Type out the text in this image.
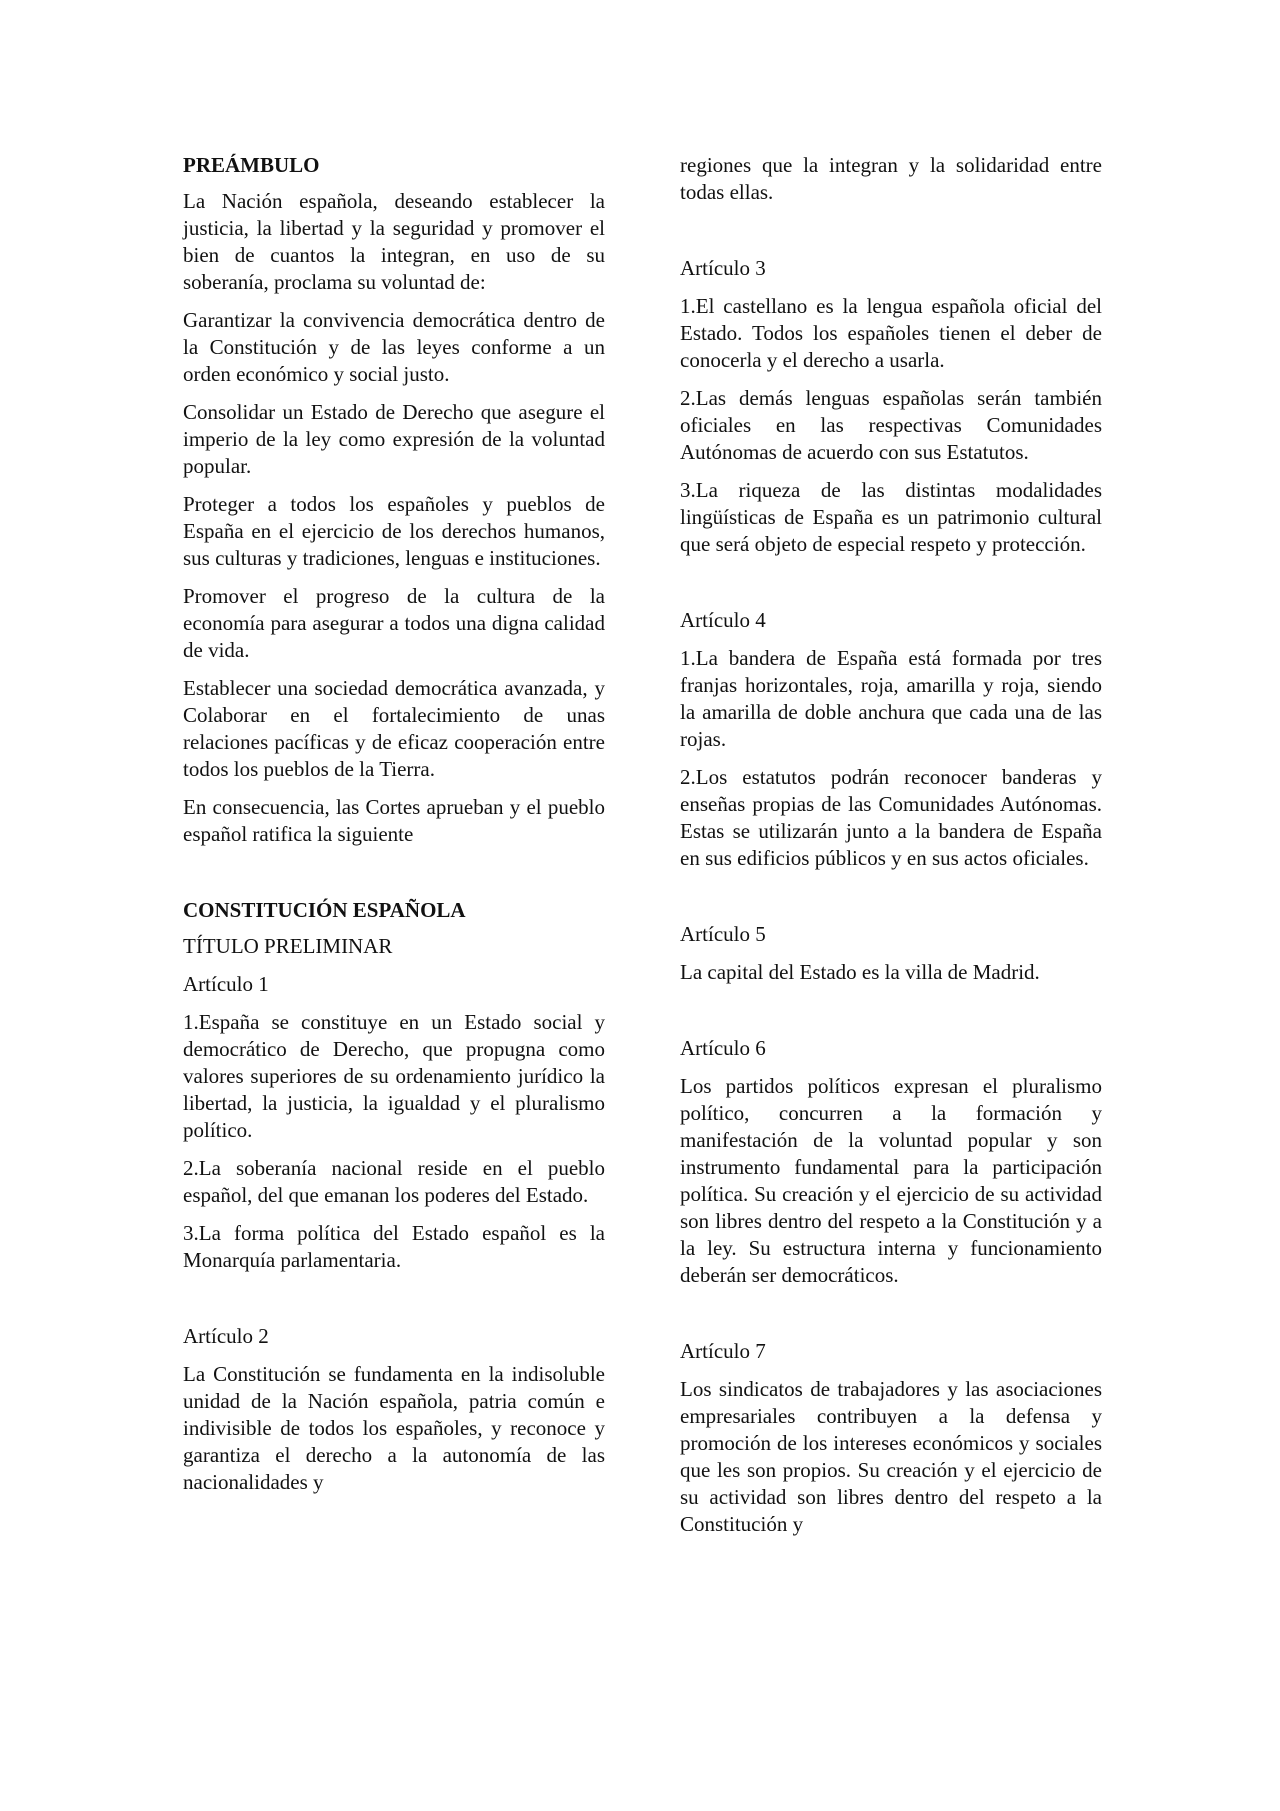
PREÁMBULO

La Nación española, deseando establecer la justicia, la libertad y la seguridad y promover el bien de cuantos la integran, en uso de su soberanía, proclama su voluntad de:

Garantizar la convivencia democrática dentro de la Constitución y de las leyes conforme a un orden económico y social justo.

Consolidar un Estado de Derecho que asegure el imperio de la ley como expresión de la voluntad popular.

Proteger a todos los españoles y pueblos de España en el ejercicio de los derechos humanos, sus culturas y tradiciones, lenguas e instituciones.

Promover el progreso de la cultura de la economía para asegurar a todos una digna calidad de vida.

Establecer una sociedad democrática avanzada, y Colaborar en el fortalecimiento de unas relaciones pacíficas y de eficaz cooperación entre todos los pueblos de la Tierra.

En consecuencia, las Cortes aprueban y el pueblo español ratifica la siguiente

CONSTITUCIÓN ESPAÑOLA

TÍTULO PRELIMINAR

Artículo 1

1.España se constituye en un Estado social y democrático de Derecho, que propugna como valores superiores de su ordenamiento jurídico la libertad, la justicia, la igualdad y el pluralismo político.

2.La soberanía nacional reside en el pueblo español, del que emanan los poderes del Estado.

3.La forma política del Estado español es la Monarquía parlamentaria.

Artículo 2

La Constitución se fundamenta en la indisoluble unidad de la Nación española, patria común e indivisible de todos los españoles, y reconoce y garantiza el derecho a la autonomía de las nacionalidades y

regiones que la integran y la solidaridad entre todas ellas.

Artículo 3

1.El castellano es la lengua española oficial del Estado. Todos los españoles tienen el deber de conocerla y el derecho a usarla.

2.Las demás lenguas españolas serán también oficiales en las respectivas Comunidades Autónomas de acuerdo con sus Estatutos.

3.La riqueza de las distintas modalidades lingüísticas de España es un patrimonio cultural que será objeto de especial respeto y protección.

Artículo 4

1.La bandera de España está formada por tres franjas horizontales, roja, amarilla y roja, siendo la amarilla de doble anchura que cada una de las rojas.

2.Los estatutos podrán reconocer banderas y enseñas propias de las Comunidades Autónomas. Estas se utilizarán junto a la bandera de España en sus edificios públicos y en sus actos oficiales.

Artículo 5

La capital del Estado es la villa de Madrid.

Artículo 6

Los partidos políticos expresan el pluralismo político, concurren a la formación y manifestación de la voluntad popular y son instrumento fundamental para la participación política. Su creación y el ejercicio de su actividad son libres dentro del respeto a la Constitución y a la ley. Su estructura interna y funcionamiento deberán ser democráticos.

Artículo 7

Los sindicatos de trabajadores y las asociaciones empresariales contribuyen a la defensa y promoción de los intereses económicos y sociales que les son propios. Su creación y el ejercicio de su actividad son libres dentro del respeto a la Constitución y
